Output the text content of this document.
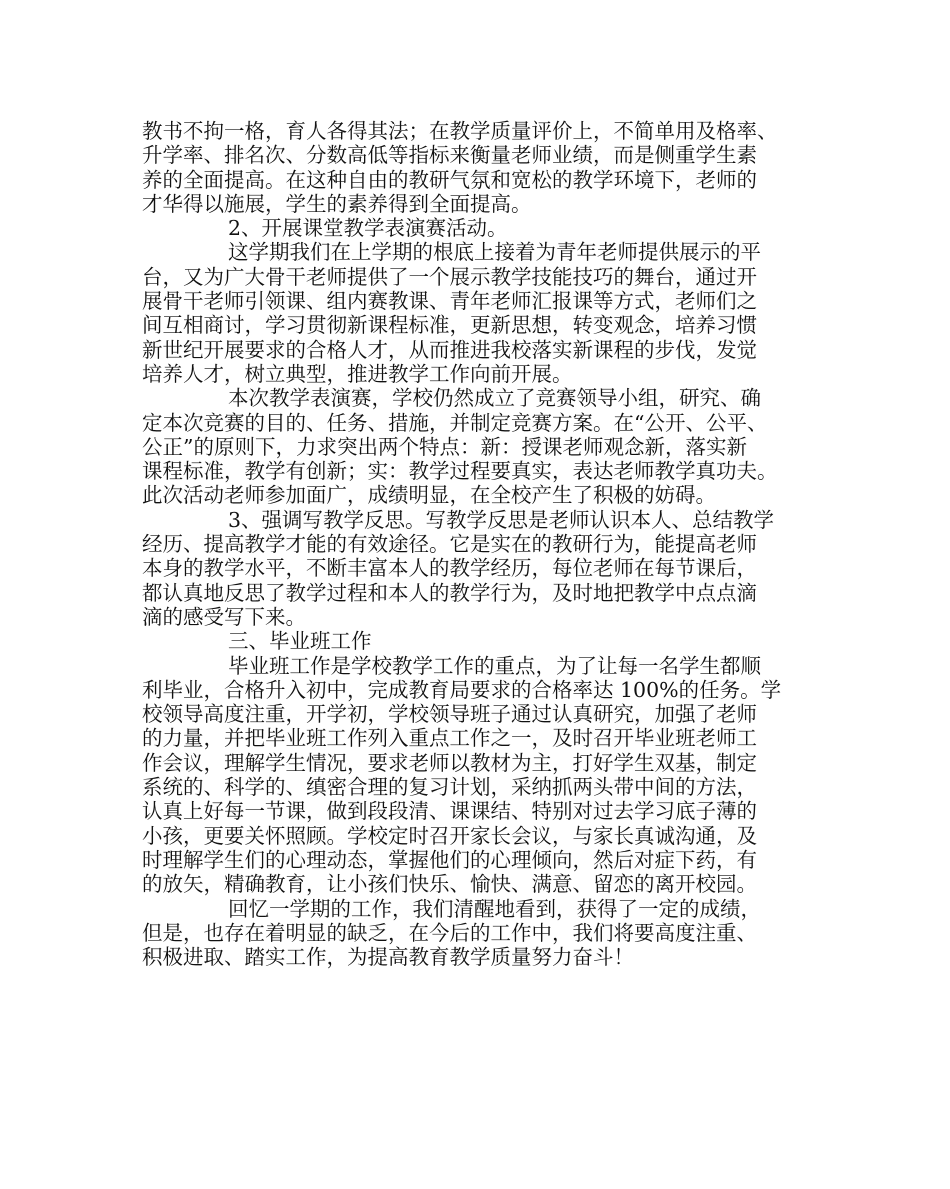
教书不拘一格，育人各得其法；在教学质量评价上，不简单用及格率、
升学率、排名次、分数高低等指标来衡量老师业绩，而是侧重学生素
养的全面提高。在这种自由的教研气氛和宽松的教学环境下，老师的
才华得以施展，学生的素养得到全面提高。
2、开展课堂教学表演赛活动。
这学期我们在上学期的根底上接着为青年老师提供展示的平
台，又为广大骨干老师提供了一个展示教学技能技巧的舞台，通过开
展骨干老师引领课、组内赛教课、青年老师汇报课等方式，老师们之
间互相商讨，学习贯彻新课程标准，更新思想，转变观念，培养习惯
新世纪开展要求的合格人才，从而推进我校落实新课程的步伐，发觉
培养人才，树立典型，推进教学工作向前开展。
本次教学表演赛，学校仍然成立了竞赛领导小组，研究、确
定本次竞赛的目的、任务、措施，并制定竞赛方案。在“公开、公平、
公正”的原则下，力求突出两个特点：新：授课老师观念新，落实新
课程标准，教学有创新；实：教学过程要真实，表达老师教学真功夫。
此次活动老师参加面广，成绩明显，在全校产生了积极的妨碍。
3、强调写教学反思。写教学反思是老师认识本人、总结教学
经历、提高教学才能的有效途径。它是实在的教研行为，能提高老师
本身的教学水平，不断丰富本人的教学经历，每位老师在每节课后，
都认真地反思了教学过程和本人的教学行为，及时地把教学中点点滴
滴的感受写下来。
三、毕业班工作
毕业班工作是学校教学工作的重点，为了让每一名学生都顺
利毕业，合格升入初中，完成教育局要求的合格率达 100%的任务。学
校领导高度注重，开学初，学校领导班子通过认真研究，加强了老师
的力量，并把毕业班工作列入重点工作之一，及时召开毕业班老师工
作会议，理解学生情况，要求老师以教材为主，打好学生双基，制定
系统的、科学的、缜密合理的复习计划，采纳抓两头带中间的方法，
认真上好每一节课，做到段段清、课课结、特别对过去学习底子薄的
小孩，更要关怀照顾。学校定时召开家长会议，与家长真诚沟通，及
时理解学生们的心理动态，掌握他们的心理倾向，然后对症下药，有
的放矢，精确教育，让小孩们快乐、愉快、满意、留恋的离开校园。
回忆一学期的工作，我们清醒地看到，获得了一定的成绩，
但是，也存在着明显的缺乏，在今后的工作中，我们将要高度注重、
积极进取、踏实工作，为提高教育教学质量努力奋斗！
